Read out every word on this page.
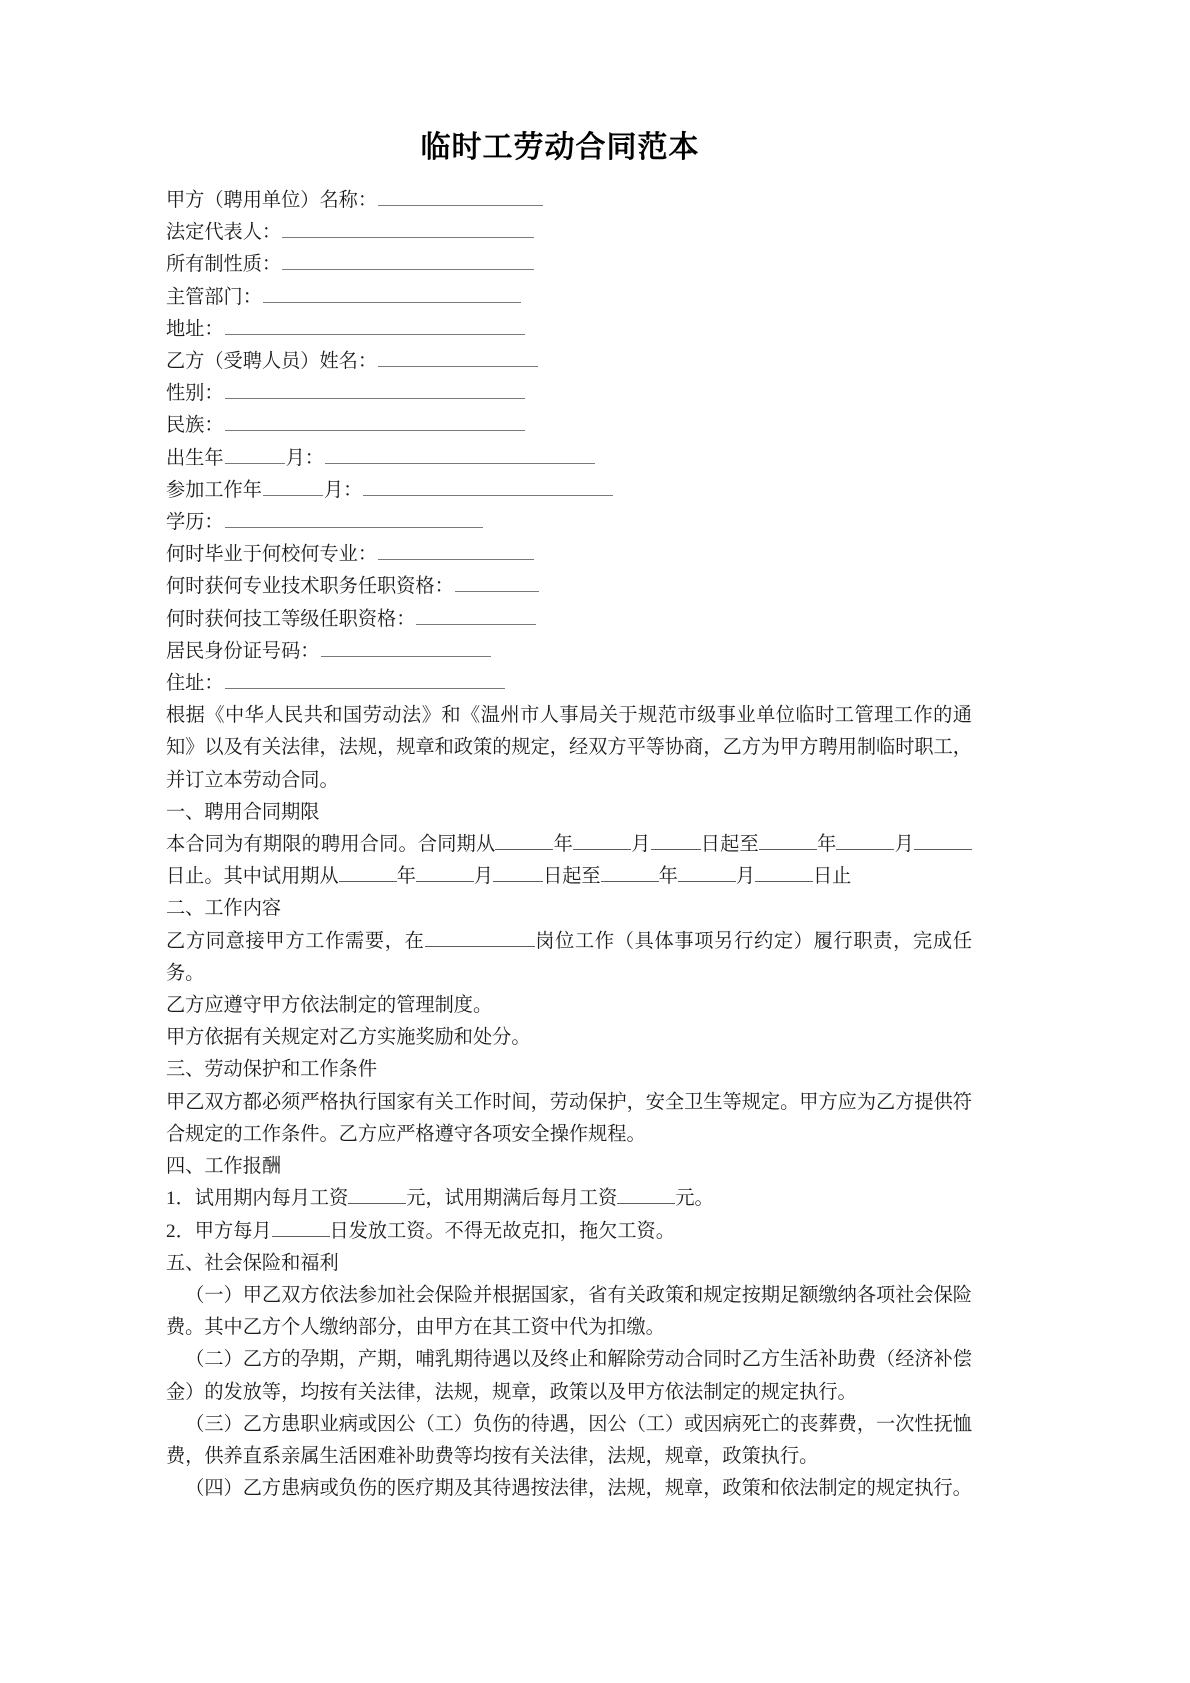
临时工劳动合同范本
甲方（聘用单位）名称：
法定代表人：
所有制性质：
主管部门：
地址：
乙方（受聘人员）姓名：
性别：
民族：
出生年	月：
参加工作年	月：
学历：
何时毕业于何校何专业：
何时获何专业技术职务任职资格：
何时获何技工等级任职资格：
居民身份证号码：
住址：
根据《中华人民共和国劳动法》和《温州市人事局关于规范市级事业单位临时工管理工作的通知》以及有关法律，法规，规章和政策的规定，经双方平等协商，乙方为甲方聘用制临时职工，并订立本劳动合同。
一、聘用合同期限
本合同为有期限的聘用合同。合同期从	年	月	日起至	年	月日止。其中试用期从	年	月	日起至	年	月	日止
二、工作内容
乙方同意接甲方工作需要，在	岗位工作（具体事项另行约定）履行职责，完成任务。
乙方应遵守甲方依法制定的管理制度。
甲方依据有关规定对乙方实施奖励和处分。
三、劳动保护和工作条件
甲乙双方都必须严格执行国家有关工作时间，劳动保护，安全卫生等规定。甲方应为乙方提供符合规定的工作条件。乙方应严格遵守各项安全操作规程。
四、工作报酬
1．试用期内每月工资	元，试用期满后每月工资	元。
2．甲方每月	日发放工资。不得无故克扣，拖欠工资。
五、社会保险和福利
（一）甲乙双方依法参加社会保险并根据国家，省有关政策和规定按期足额缴纳各项社会保险费。其中乙方个人缴纳部分，由甲方在其工资中代为扣缴。
（二）乙方的孕期，产期，哺乳期待遇以及终止和解除劳动合同时乙方生活补助费（经济补偿金）的发放等，均按有关法律，法规，规章，政策以及甲方依法制定的规定执行。
（三）乙方患职业病或因公（工）负伤的待遇，因公（工）或因病死亡的丧葬费，一次性抚恤费，供养直系亲属生活困难补助费等均按有关法律，法规，规章，政策执行。
（四）乙方患病或负伤的医疗期及其待遇按法律，法规，规章，政策和依法制定的规定执行。
